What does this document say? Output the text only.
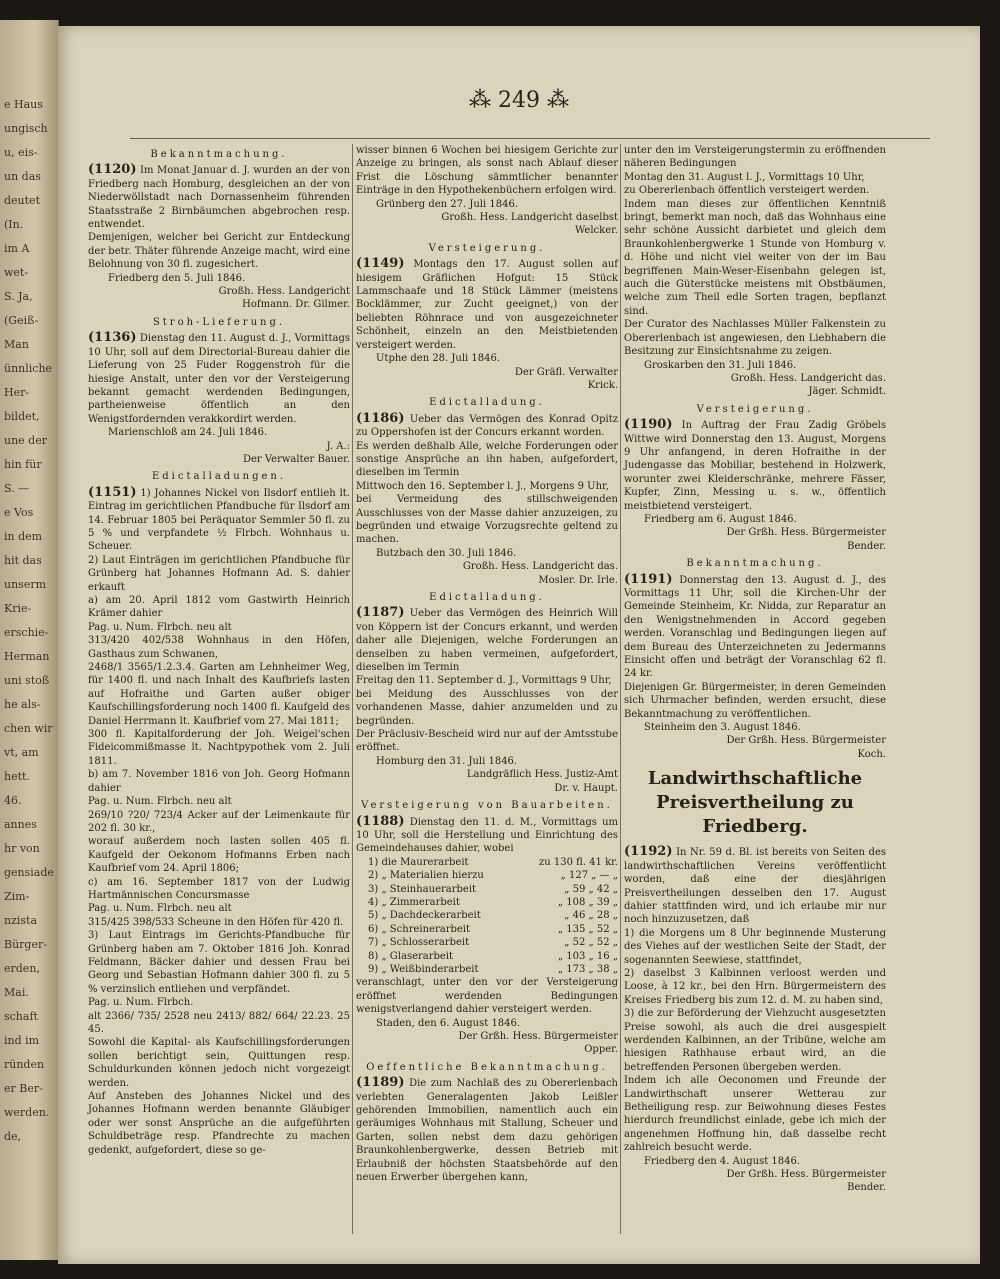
e Haus
ungisch
u, eis-
un das
deutet
(In.
im A
wet-
S. Ja,
(Geiß-
Man
ünnliche
Her-
bildet,
une der
hin für
S. —
e Vos
in dem
hit das
unserm
Krie-
erschie-
Herman
uni stoß
he als-
chen wir
vt, am
hett.
46.
annes
hr von
gensiade
Zim-
nzista
Bürger-
erden,
Mai.
schaft
ind im
ründen
er Ber-
werden.
de,
⁂ 249 ⁂
Bekanntmachung.

(1120) Im Monat Januar d. J. wurden an der von Friedberg nach Homburg, desgleichen an der von Niederwöllstadt nach Dornassenheim führenden Staatsstraße 2 Birnbäumchen abgebrochen resp. entwendet.

Demjenigen, welcher bei Gericht zur Entdeckung der betr. Thäter führende Anzeige macht, wird eine Belohnung von 30 fl. zugesichert.

Friedberg den 5. Juli 1846.

Großh. Hess. Landgericht

Hofmann. Dr. Gilmer.

Stroh-Lieferung.

(1136) Dienstag den 11. August d. J., Vormittags 10 Uhr, soll auf dem Directorial-Bureau dahier die Lieferung von 25 Fuder Roggenstroh für die hiesige Anstalt, unter den vor der Versteigerung bekannt gemacht werdenden Bedingungen, partheienweise öffentlich an den Wenigstfordernden verakkordirt werden.

Marienschloß am 24. Juli 1846.

J. A.:

Der Verwalter Bauer.

Edictalladungen.

(1151) 1) Johannes Nickel von Ilsdorf entlieh lt. Eintrag im gerichtlichen Pfandbuche für Ilsdorf am 14. Februar 1805 bei Peräquator Semmler 50 fl. zu 5 % und verpfandete ½ Flrbch. Wohnhaus u. Scheuer.

2) Laut Einträgen im gerichtlichen Pfandbuche für Grünberg hat Johannes Hofmann Ad. S. dahier erkauft

a) am 20. April 1812 vom Gastwirth Heinrich Krämer dahier

Pag. u. Num. Flrbch. neu alt

313/420 402/538 Wohnhaus in den Höfen, Gasthaus zum Schwanen,

2468/1 3565/1.2.3.4. Garten am Lehnheimer Weg, für 1400 fl. und nach Inhalt des Kaufbriefs lasten auf Hofraithe und Garten außer obiger Kaufschillingsforderung noch 1400 fl. Kaufgeld des Daniel Herrmann lt. Kaufbrief vom 27. Mai 1811;

300 fl. Kapitalforderung der Joh. Weigel'schen Fideicommißmasse lt. Nachtpypothek vom 2. Juli 1811.

b) am 7. November 1816 von Joh. Georg Hofmann dahier

Pag. u. Num. Flrbch. neu alt

269/10 ?20/ 723/4 Acker auf der Leimenkaute für 202 fl. 30 kr.,

worauf außerdem noch lasten sollen 405 fl. Kaufgeld der Oekonom Hofmanns Erben nach Kaufbrief vom 24. April 1806;

c) am 16. September 1817 von der Ludwig Hartmännischen Concursmasse

Pag. u. Num. Flrbch. neu alt

315/425 398/533 Scheune in den Höfen für 420 fl.

3) Laut Eintrags im Gerichts-Pfandbuche für Grünberg haben am 7. Oktober 1816 Joh. Konrad Feldmann, Bäcker dahier und dessen Frau bei Georg und Sebastian Hofmann dahier 300 fl. zu 5 % verzinslich entliehen und verpfändet.

Pag. u. Num. Flrbch.

alt 2366/ 735/ 2528 neu 2413/ 882/ 664/ 22.23. 25 45.

Sowohl die Kapital- als Kaufschillingsforderungen sollen berichtigt sein, Quittungen resp. Schuldurkunden können jedoch nicht vorgezeigt werden.

Auf Ansteben des Johannes Nickel und des Johannes Hofmann werden benannte Gläubiger oder wer sonst Ansprüche an die aufgeführten Schuldbeträge resp. Pfandrechte zu machen gedenkt, aufgefordert, diese so ge-

wisser binnen 6 Wochen bei hiesigem Gerichte zur Anzeige zu bringen, als sonst nach Ablauf dieser Frist die Löschung sämmtlicher benannter Einträge in den Hypothekenbüchern erfolgen wird.

Grünberg den 27. Juli 1846.

Großh. Hess. Landgericht daselbst

Welcker.

Versteigerung.

(1149) Montags den 17. August sollen auf hiesigem Gräflichen Hofgut: 15 Stück Lammschaafe und 18 Stück Lämmer (meistens Bocklämmer, zur Zucht geeignet,) von der beliebten Röhnrace und von ausgezeichneter Schönheit, einzeln an den Meistbietenden versteigert werden.

Utphe den 28. Juli 1846.

Der Gräfl. Verwalter

Krick.

Edictalladung.

(1186) Ueber das Vermögen des Konrad Opitz zu Oppershofen ist der Concurs erkannt worden.

Es werden deßhalb Alle, welche Forderungen oder sonstige Ansprüche an ihn haben, aufgefordert, dieselben im Termin

Mittwoch den 16. September l. J., Morgens 9 Uhr,

bei Vermeidung des stillschweigenden Ausschlusses von der Masse dahier anzuzeigen, zu begründen und etwaige Vorzugsrechte geltend zu machen.

Butzbach den 30. Juli 1846.

Großh. Hess. Landgericht das.

Mosler. Dr. Irle.

Edictalladung.

(1187) Ueber das Vermögen des Heinrich Will von Köppern ist der Concurs erkannt, und werden daher alle Diejenigen, welche Forderungen an denselben zu haben vermeinen, aufgefordert, dieselben im Termin

Freitag den 11. September d. J., Vormittags 9 Uhr,

bei Meidung des Ausschlusses von der vorhandenen Masse, dahier anzumelden und zu begründen.

Der Präclusiv-Bescheid wird nur auf der Amtsstube eröffnet.

Homburg den 31. Juli 1846.

Landgräflich Hess. Justiz-Amt

Dr. v. Haupt.

Versteigerung von Bauarbeiten.

(1188) Dienstag den 11. d. M., Vormittags um 10 Uhr, soll die Herstellung und Einrichtung des Gemeindehauses dahier, wobei

1) die Maurerarbeit	zu 130 fl. 41 kr.
2) „ Materialien hierzu	„ 127 „ — „
3) „ Steinhauerarbeit	„ 59 „ 42 „
4) „ Zimmerarbeit	„ 108 „ 39 „
5) „ Dachdeckerarbeit	„ 46 „ 28 „
6) „ Schreinerarbeit	„ 135 „ 52 „
7) „ Schlosserarbeit	„ 52 „ 52 „
8) „ Glaserarbeit	„ 103 „ 16 „
9) „ Weißbinderarbeit	„ 173 „ 38 „

veranschlagt, unter den vor der Versteigerung eröffnet werdenden Bedingungen wenigstverlangend dahier versteigert werden.

Staden, den 6. August 1846.

Der Grßh. Hess. Bürgermeister

Opper.

Oeffentliche Bekanntmachung.

(1189) Die zum Nachlaß des zu Obererlenbach verlebten Generalagenten Jakob Leißler gehörenden Immobilien, namentlich auch ein geräumiges Wohnhaus mit Stallung, Scheuer und Garten, sollen nebst dem dazu gehörigen Braunkohlenbergwerke, dessen Betrieb mit Erlaubniß der höchsten Staatsbehörde auf den neuen Erwerber übergehen kann,

unter den im Versteigerungstermin zu eröffnenden näheren Bedingungen

Montag den 31. August l. J., Vormittags 10 Uhr,

zu Obererlenbach öffentlich versteigert werden.

Indem man dieses zur öffentlichen Kenntniß bringt, bemerkt man noch, daß das Wohnhaus eine sehr schöne Aussicht darbietet und gleich dem Braunkohlenbergwerke 1 Stunde von Homburg v. d. Höhe und nicht viel weiter von der im Bau begriffenen Main-Weser-Eisenbahn gelegen ist, auch die Güterstücke meistens mit Obstbäumen, welche zum Theil edle Sorten tragen, bepflanzt sind.

Der Curator des Nachlasses Müller Falkenstein zu Obererlenbach ist angewiesen, den Liebhabern die Besitzung zur Einsichtsnahme zu zeigen.

Groskarben den 31. Juli 1846.

Großh. Hess. Landgericht das.

Jäger. Schmidt.

Versteigerung.

(1190) In Auftrag der Frau Zadig Gröbels Wittwe wird Donnerstag den 13. August, Morgens 9 Uhr anfangend, in deren Hofraithe in der Judengasse das Mobiliar, bestehend in Holzwerk, worunter zwei Kleiderschränke, mehrere Fässer, Kupfer, Zinn, Messing u. s. w., öffentlich meistbietend versteigert.

Friedberg am 6. August 1846.

Der Grßh. Hess. Bürgermeister

Bender.

Bekanntmachung.

(1191) Donnerstag den 13. August d. J., des Vormittags 11 Uhr, soll die Kirchen-Uhr der Gemeinde Steinheim, Kr. Nidda, zur Reparatur an den Wenigstnehmenden in Accord gegeben werden. Voranschlag und Bedingungen liegen auf dem Bureau des Unterzeichneten zu Jedermanns Einsicht offen und beträgt der Voranschlag 62 fl. 24 kr.

Diejenigen Gr. Bürgermeister, in deren Gemeinden sich Uhrmacher befinden, werden ersucht, diese Bekanntmachung zu veröffentlichen.

Steinheim den 3. August 1846.

Der Grßh. Hess. Bürgermeister

Koch.

Landwirthschaftliche Preisvertheilung zu Friedberg.

(1192) In Nr. 59 d. Bl. ist bereits von Seiten des landwirthschaftlichen Vereins veröffentlicht worden, daß eine der diesjährigen Preisvertheilungen desselben den 17. August dahier stattfinden wird, und ich erlaube mir nur noch hinzuzusetzen, daß

1) die Morgens um 8 Uhr beginnende Musterung des Viehes auf der westlichen Seite der Stadt, der sogenannten Seewiese, stattfindet,

2) daselbst 3 Kalbinnen verloost werden und Loose, à 12 kr., bei den Hrn. Bürgermeistern des Kreises Friedberg bis zum 12. d. M. zu haben sind,

3) die zur Beförderung der Viehzucht ausgesetzten Preise sowohl, als auch die drei ausgespielt werdenden Kalbinnen, an der Tribüne, welche am hiesigen Rathhause erbaut wird, an die betreffenden Personen übergeben werden.

Indem ich alle Oeconomen und Freunde der Landwirthschaft unserer Wetterau zur Betheiligung resp. zur Beiwohnung dieses Festes hierdurch freundlichst einlade, gebe ich mich der angenehmen Hoffnung hin, daß dasselbe recht zahlreich besucht werde.

Friedberg den 4. August 1846.

Der Grßh. Hess. Bürgermeister

Bender.
